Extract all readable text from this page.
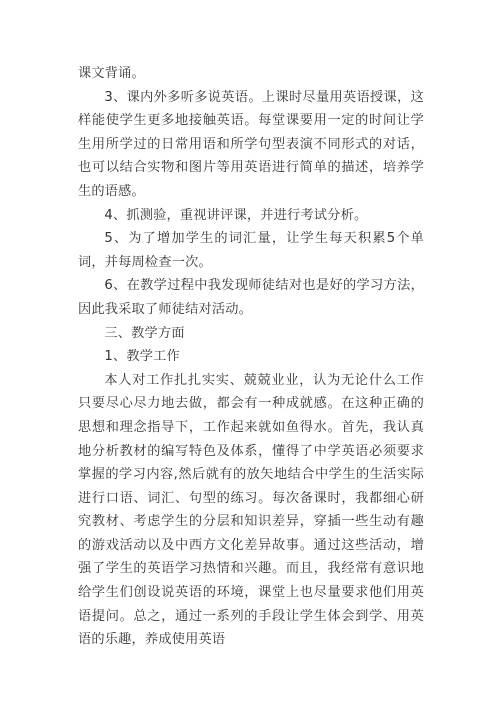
课文背诵。

3、课内外多听多说英语。上课时尽量用英语授课，这样能使学生更多地接触英语。每堂课要用一定的时间让学生用所学过的日常用语和所学句型表演不同形式的对话，也可以结合实物和图片等用英语进行简单的描述，培养学生的语感。

4、抓测验，重视讲评课，并进行考试分析。

5、为了增加学生的词汇量，让学生每天积累5个单词，并每周检查一次。

6、在教学过程中我发现师徒结对也是好的学习方法，因此我采取了师徒结对活动。

三、教学方面

1、教学工作

本人对工作扎扎实实、兢兢业业，认为无论什么工作只要尽心尽力地去做，都会有一种成就感。在这种正确的思想和理念指导下，工作起来就如鱼得水。首先，我认真地分析教材的编写特色及体系，懂得了中学英语必须要求掌握的学习内容,然后就有的放矢地结合中学生的生活实际进行口语、词汇、句型的练习。每次备课时，我都细心研究教材、考虑学生的分层和知识差异，穿插一些生动有趣的游戏活动以及中西方文化差异故事。通过这些活动，增强了学生的英语学习热情和兴趣。而且，我经常有意识地给学生们创设说英语的环境，课堂上也尽量要求他们用英语提问。总之，通过一系列的手段让学生体会到学、用英语的乐趣，养成使用英语
